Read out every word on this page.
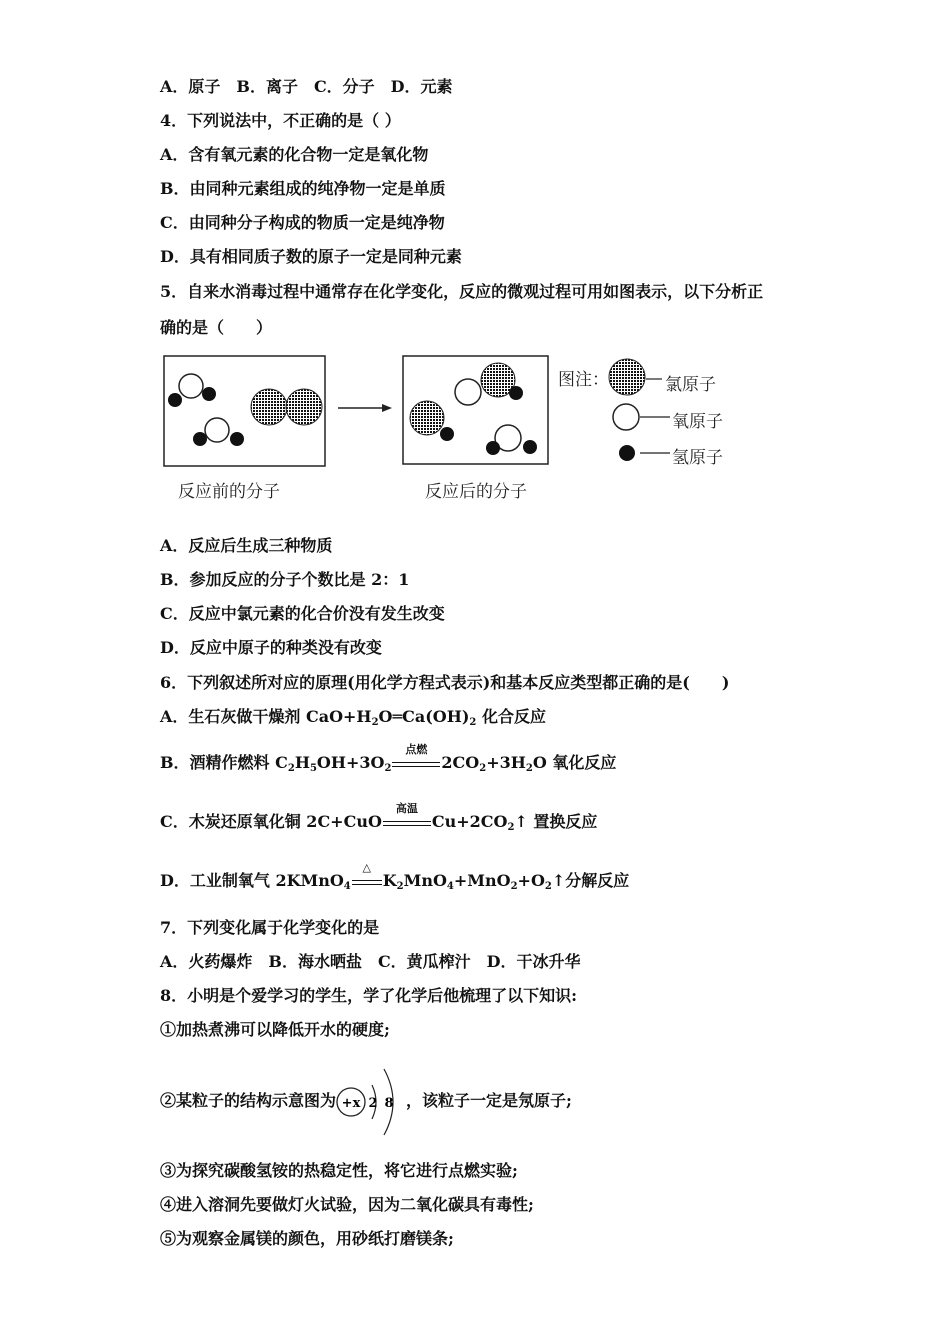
A．原子　B．离子　C．分子　D．元素
4．下列说法中，不正确的是（ ）
A．含有氧元素的化合物一定是氧化物
B．由同种元素组成的纯净物一定是单质
C．由同种分子构成的物质一定是纯净物
D．具有相同质子数的原子一定是同种元素
5．自来水消毒过程中通常存在化学变化，反应的微观过程可用如图表示，以下分析正
确的是（　　）
反应前的分子	反应后的分子
图注：	氯原子
氧原子
氢原子
A．反应后生成三种物质
B．参加反应的分子个数比是 2：1
C．反应中氯元素的化合价没有发生改变
D．反应中原子的种类没有改变
6．下列叙述所对应的原理(用化学方程式表示)和基本反应类型都正确的是(　　)
A．生石灰做干燥剂 $CaO+H_2O═Ca(OH)_2$ 化合反应
B．酒精作燃料 $C_2H_5OH+3O_2$
点燃
$2CO_2+3H_2O$ 氧化反应
C．木炭还原氧化铜 2C+CuO
高温
$Cu+2CO_2↑$ 置换反应
D．工业制氧气 2KMnO$_4$
△
$K_2MnO_4+MnO_2+O_2↑$分解反应
7．下列变化属于化学变化的是
A．火药爆炸　B．海水晒盐　C．黄瓜榨汁　D．干冰升华
8．小明是个爱学习的学生，学了化学后他梳理了以下知识:
①加热煮沸可以降低开水的硬度;
②某粒子的结构示意图为 +x 2 8 ，该粒子一定是氖原子;
③为探究碳酸氢铵的热稳定性，将它进行点燃实验;
④进入溶洞先要做灯火试验，因为二氧化碳具有毒性;
⑤为观察金属镁的颜色，用砂纸打磨镁条;
